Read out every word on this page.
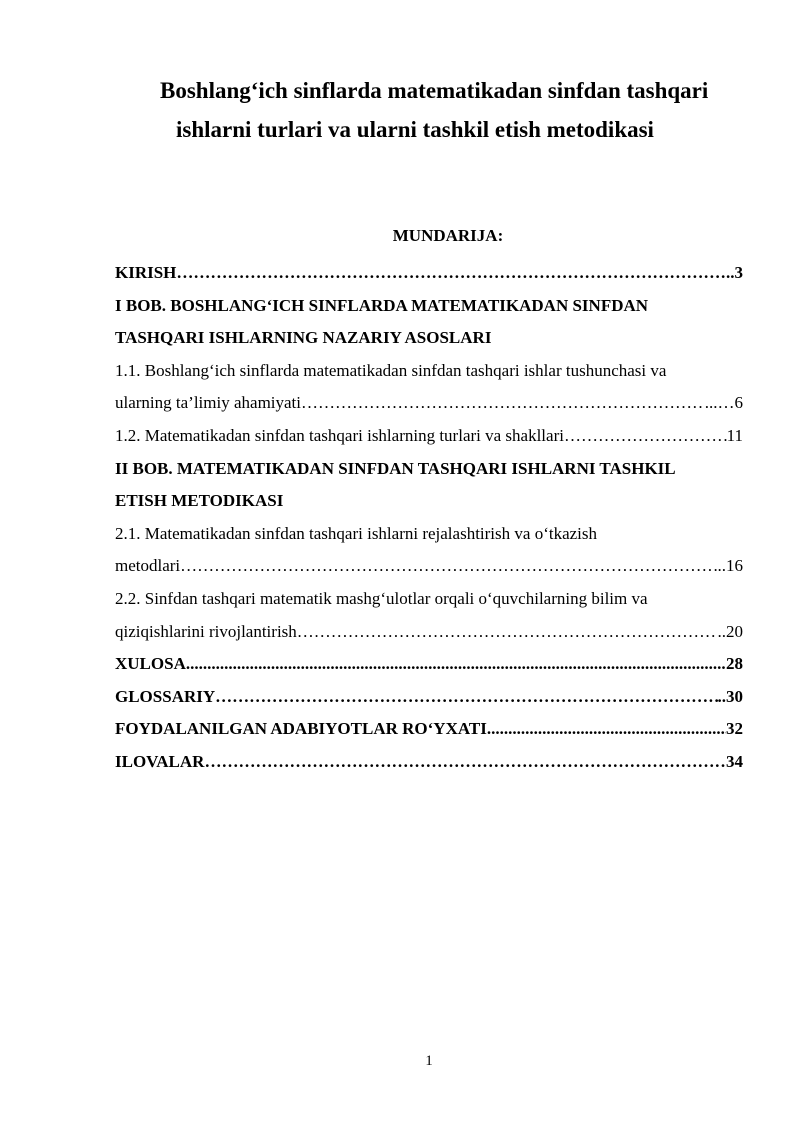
Boshlang‘ich sinflarda matematikadan sinfdan tashqari
ishlarni turlari va ularni tashkil etish metodikasi
MUNDARIJA:
KIRISH ……………………………………………………………………………………………………………………………………………………………………	..3
I BOB. BOSHLANG‘ICH SINFLARDA MATEMATIKADAN SINFDAN
TASHQARI ISHLARNING NAZARIY ASOSLARI
1.1. Boshlang‘ich sinflarda matematikadan sinfdan tashqari ishlar tushunchasi va
ularning ta’limiy ahamiyati ……………………………………………………………………………………………………………………………………………………………………	...…6
1.2. Matematikadan sinfdan tashqari ishlarning turlari va shakllari ……………………………………………………………………………………………………………………………………………………………………	11
II BOB. MATEMATIKADAN SINFDAN TASHQARI ISHLARNI TASHKIL
ETISH METODIKASI
2.1. Matematikadan sinfdan tashqari ishlarni rejalashtirish va o‘tkazish
metodlari ……………………………………………………………………………………………………………………………………………………………………	..16
2.2. Sinfdan tashqari matematik mashg‘ulotlar orqali o‘quvchilarning bilim va
qiziqishlarini rivojlantirish ……………………………………………………………………………………………………………………………………………………………………	..20
XULOSA .....	28
GLOSSARIY ……………………………………………………………………………………………………………………………………………………………………	..30
FOYDALANILGAN ADABIYOTLAR RO‘YXATI .....	32
ILOVALAR ……………………………………………………………………………………………………………………………………………………………………	34
1
